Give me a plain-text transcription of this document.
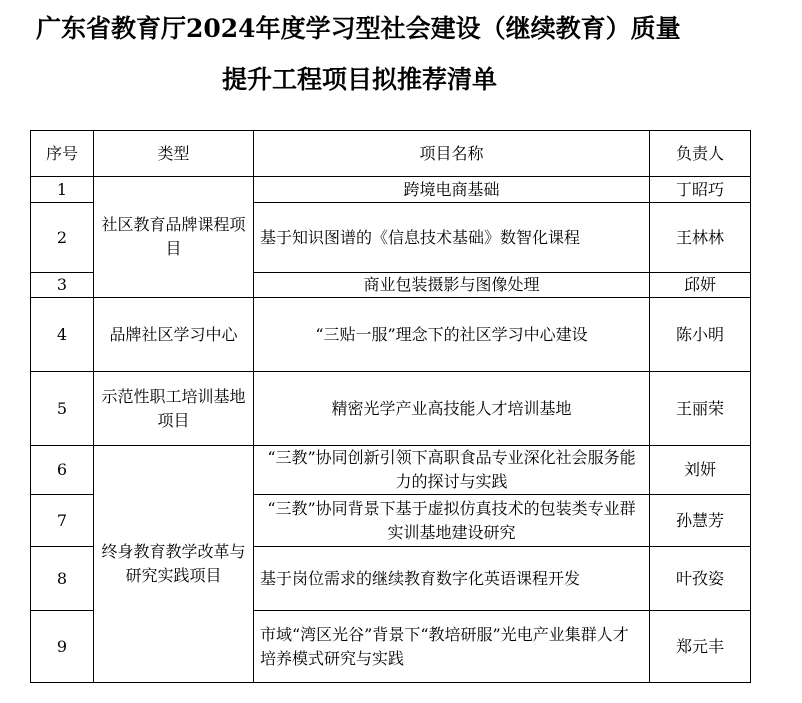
广东省教育厅2024年度学习型社会建设（继续教育）质量
提升工程项目拟推荐清单
序号	类型	项目名称	负责人
1	社区教育品牌课程项目	跨境电商基础	丁昭巧
2		基于知识图谱的《信息技术基础》数智化课程	王林林
3		商业包装摄影与图像处理	邱妍
4	品牌社区学习中心	“三贴一服”理念下的社区学习中心建设	陈小明
5	示范性职工培训基地项目	精密光学产业高技能人才培训基地	王丽荣
6	终身教育教学改革与研究实践项目	“三教”协同创新引领下高职食品专业深化社会服务能力的探讨与实践	刘妍
7		“三教”协同背景下基于虚拟仿真技术的包装类专业群实训基地建设研究	孙慧芳
8		基于岗位需求的继续教育数字化英语课程开发	叶孜姿
9		市域“湾区光谷”背景下“教培研服”光电产业集群人才培养模式研究与实践	郑元丰
